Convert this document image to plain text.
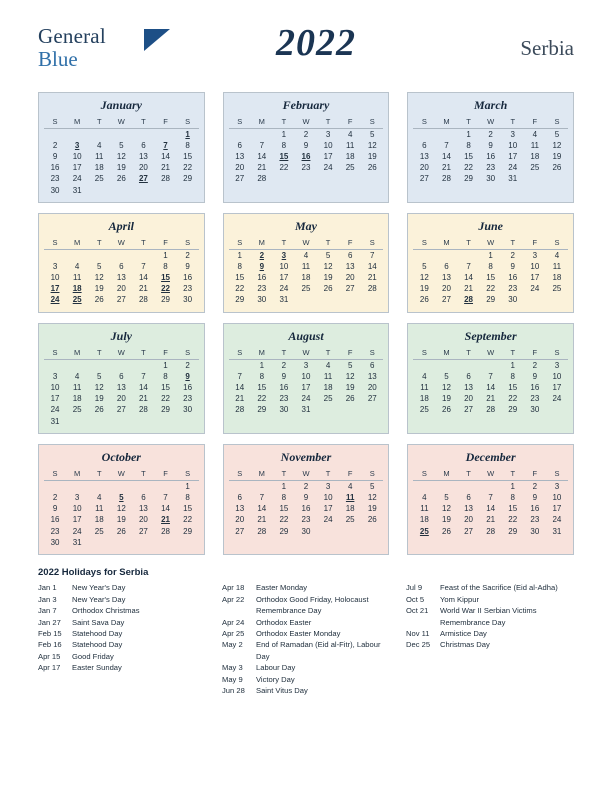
General
Blue	2022	Serbia
January
S	M	T	W	T	F	S
						1
2	3	4	5	6	7	8
9	10	11	12	13	14	15
16	17	18	19	20	21	22
23	24	25	26	27	28	29
30	31					
February
S	M	T	W	T	F	S
		1	2	3	4	5
6	7	8	9	10	11	12
13	14	15	16	17	18	19
20	21	22	23	24	25	26
27	28					
March
S	M	T	W	T	F	S
		1	2	3	4	5
6	7	8	9	10	11	12
13	14	15	16	17	18	19
20	21	22	23	24	25	26
27	28	29	30	31		
April
S	M	T	W	T	F	S
					1	2
3	4	5	6	7	8	9
10	11	12	13	14	15	16
17	18	19	20	21	22	23
24	25	26	27	28	29	30
May
S	M	T	W	T	F	S
1	2	3	4	5	6	7
8	9	10	11	12	13	14
15	16	17	18	19	20	21
22	23	24	25	26	27	28
29	30	31				
June
S	M	T	W	T	F	S
			1	2	3	4
5	6	7	8	9	10	11
12	13	14	15	16	17	18
19	20	21	22	23	24	25
26	27	28	29	30		
July
S	M	T	W	T	F	S
					1	2
3	4	5	6	7	8	9
10	11	12	13	14	15	16
17	18	19	20	21	22	23
24	25	26	27	28	29	30
31						
August
S	M	T	W	T	F	S
	1	2	3	4	5	6
7	8	9	10	11	12	13
14	15	16	17	18	19	20
21	22	23	24	25	26	27
28	29	30	31			
September
S	M	T	W	T	F	S
				1	2	3
4	5	6	7	8	9	10
11	12	13	14	15	16	17
18	19	20	21	22	23	24
25	26	27	28	29	30	
October
S	M	T	W	T	F	S
						1
2	3	4	5	6	7	8
9	10	11	12	13	14	15
16	17	18	19	20	21	22
23	24	25	26	27	28	29
30	31					
November
S	M	T	W	T	F	S
		1	2	3	4	5
6	7	8	9	10	11	12
13	14	15	16	17	18	19
20	21	22	23	24	25	26
27	28	29	30			
December
S	M	T	W	T	F	S
				1	2	3
4	5	6	7	8	9	10
11	12	13	14	15	16	17
18	19	20	21	22	23	24
25	26	27	28	29	30	31
2022 Holidays for Serbia
Jan 1	New Year's Day
Jan 3	New Year's Day
Jan 7	Orthodox Christmas
Jan 27	Saint Sava Day
Feb 15	Statehood Day
Feb 16	Statehood Day
Apr 15	Good Friday
Apr 17	Easter Sunday
Apr 18	Easter Monday
Apr 22	Orthodox Good Friday, Holocaust Remembrance Day
Apr 24	Orthodox Easter
Apr 25	Orthodox Easter Monday
May 2	End of Ramadan (Eid al-Fitr), Labour Day
May 3	Labour Day
May 9	Victory Day
Jun 28	Saint Vitus Day
Jul 9	Feast of the Sacrifice (Eid al-Adha)
Oct 5	Yom Kippur
Oct 21	World War II Serbian Victims Remembrance Day
Nov 11	Armistice Day
Dec 25	Christmas Day
